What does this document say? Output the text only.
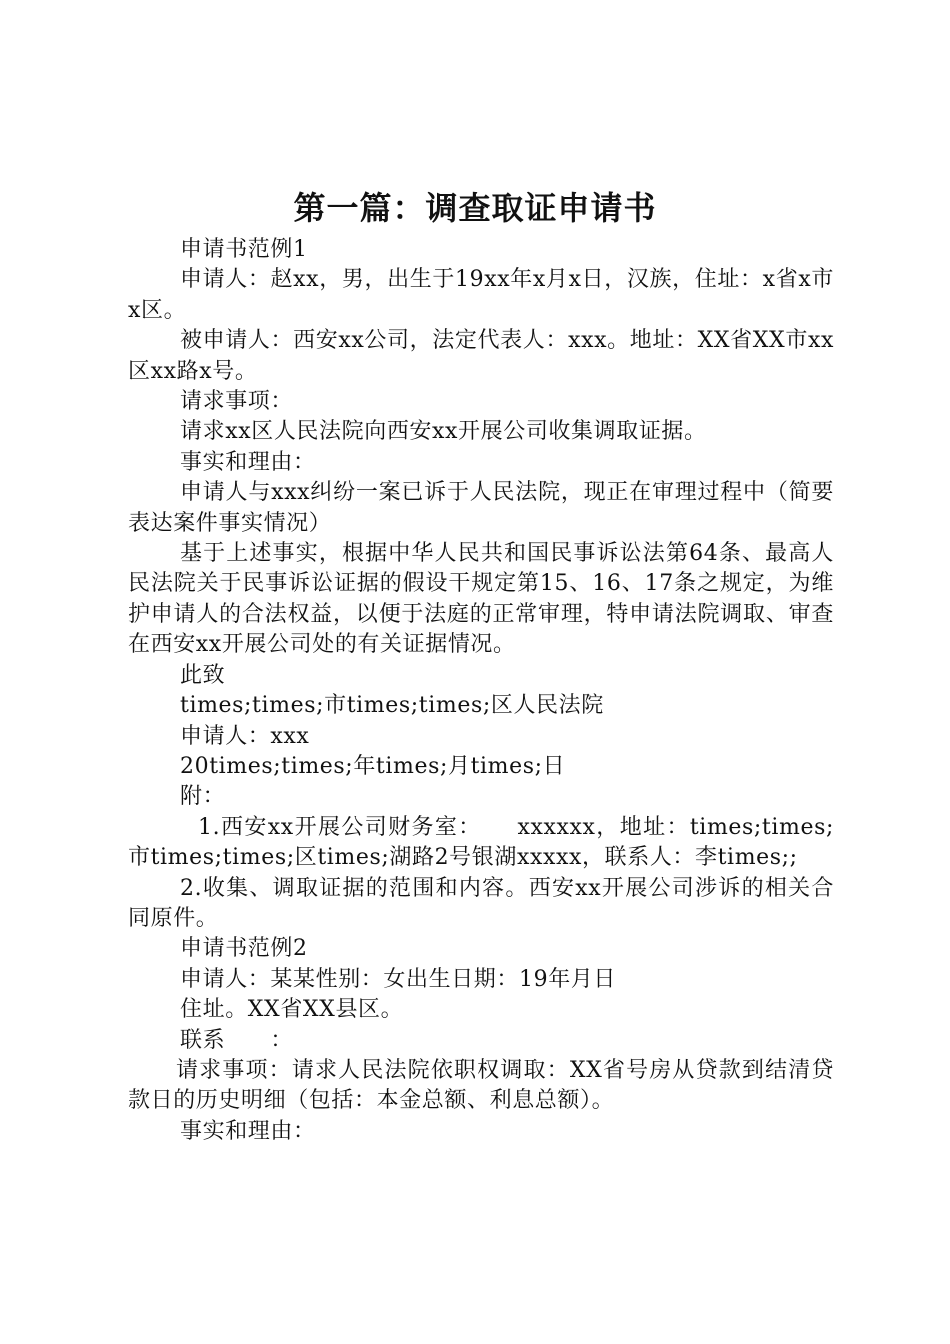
第一篇：调查取证申请书

申请书范例1

申请人：赵xx，男，出生于19xx年x月x日，汉族，住址：x省x市x区。

被申请人：西安xx公司，法定代表人：xxx。地址：XX省XX市xx区xx路x号。

请求事项：

请求xx区人民法院向西安xx开展公司收集调取证据。

事实和理由：

申请人与xxx纠纷一案已诉于人民法院，现正在审理过程中（简要表达案件事实情况）

基于上述事实，根据中华人民共和国民事诉讼法第64条、最高人民法院关于民事诉讼证据的假设干规定第15、16、17条之规定，为维护申请人的合法权益，以便于法庭的正常审理，特申请法院调取、审查在西安xx开展公司处的有关证据情况。

此致

times;times;市times;times;区人民法院

申请人：xxx

20times;times;年times;月times;日

附：

1.西安xx开展公司财务室：　　xxxxxx，地址：times;times;市times;times;区times;湖路2号银湖xxxxx，联系人：李times;;

2.收集、调取证据的范围和内容。西安xx开展公司涉诉的相关合同原件。

申请书范例2

申请人：某某性别：女出生日期：19年月日

住址。XX省XX县区。

联系　　：

请求事项：请求人民法院依职权调取：XX省号房从贷款到结清贷款日的历史明细（包括：本金总额、利息总额）。

事实和理由：
